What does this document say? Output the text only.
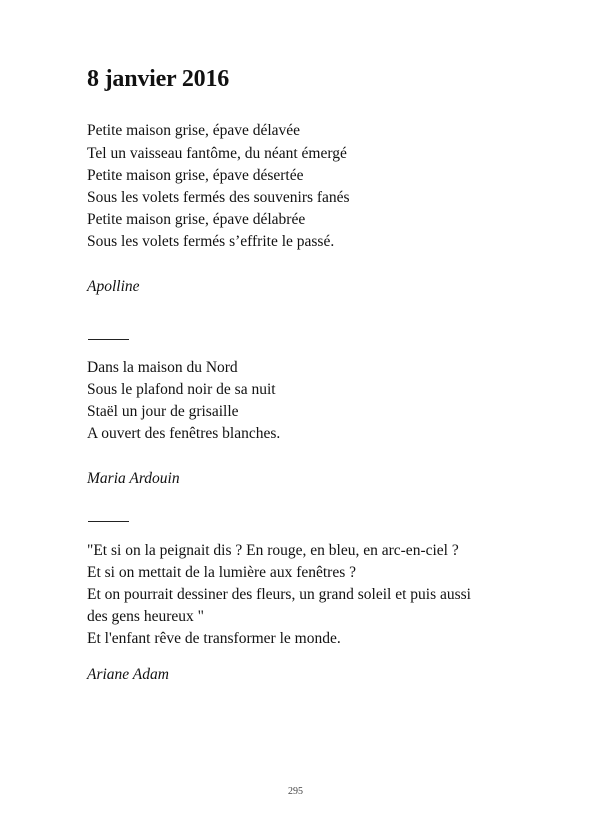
8 janvier 2016
Petite maison grise, épave délavée
Tel un vaisseau fantôme, du néant émergé
Petite maison grise, épave désertée
Sous les volets fermés des souvenirs fanés
Petite maison grise, épave délabrée
Sous les volets fermés s’effrite le passé.
Apolline
Dans la maison du Nord
Sous le plafond noir de sa nuit
Staël un jour de grisaille
A ouvert des fenêtres blanches.
Maria Ardouin
"Et si on la peignait dis ? En rouge, en bleu, en arc-en-ciel ?
Et si on mettait de la lumière aux fenêtres ?
Et on pourrait dessiner des fleurs, un grand soleil et puis aussi
des gens heureux "
Et l'enfant rêve de transformer le monde.
Ariane Adam
295
